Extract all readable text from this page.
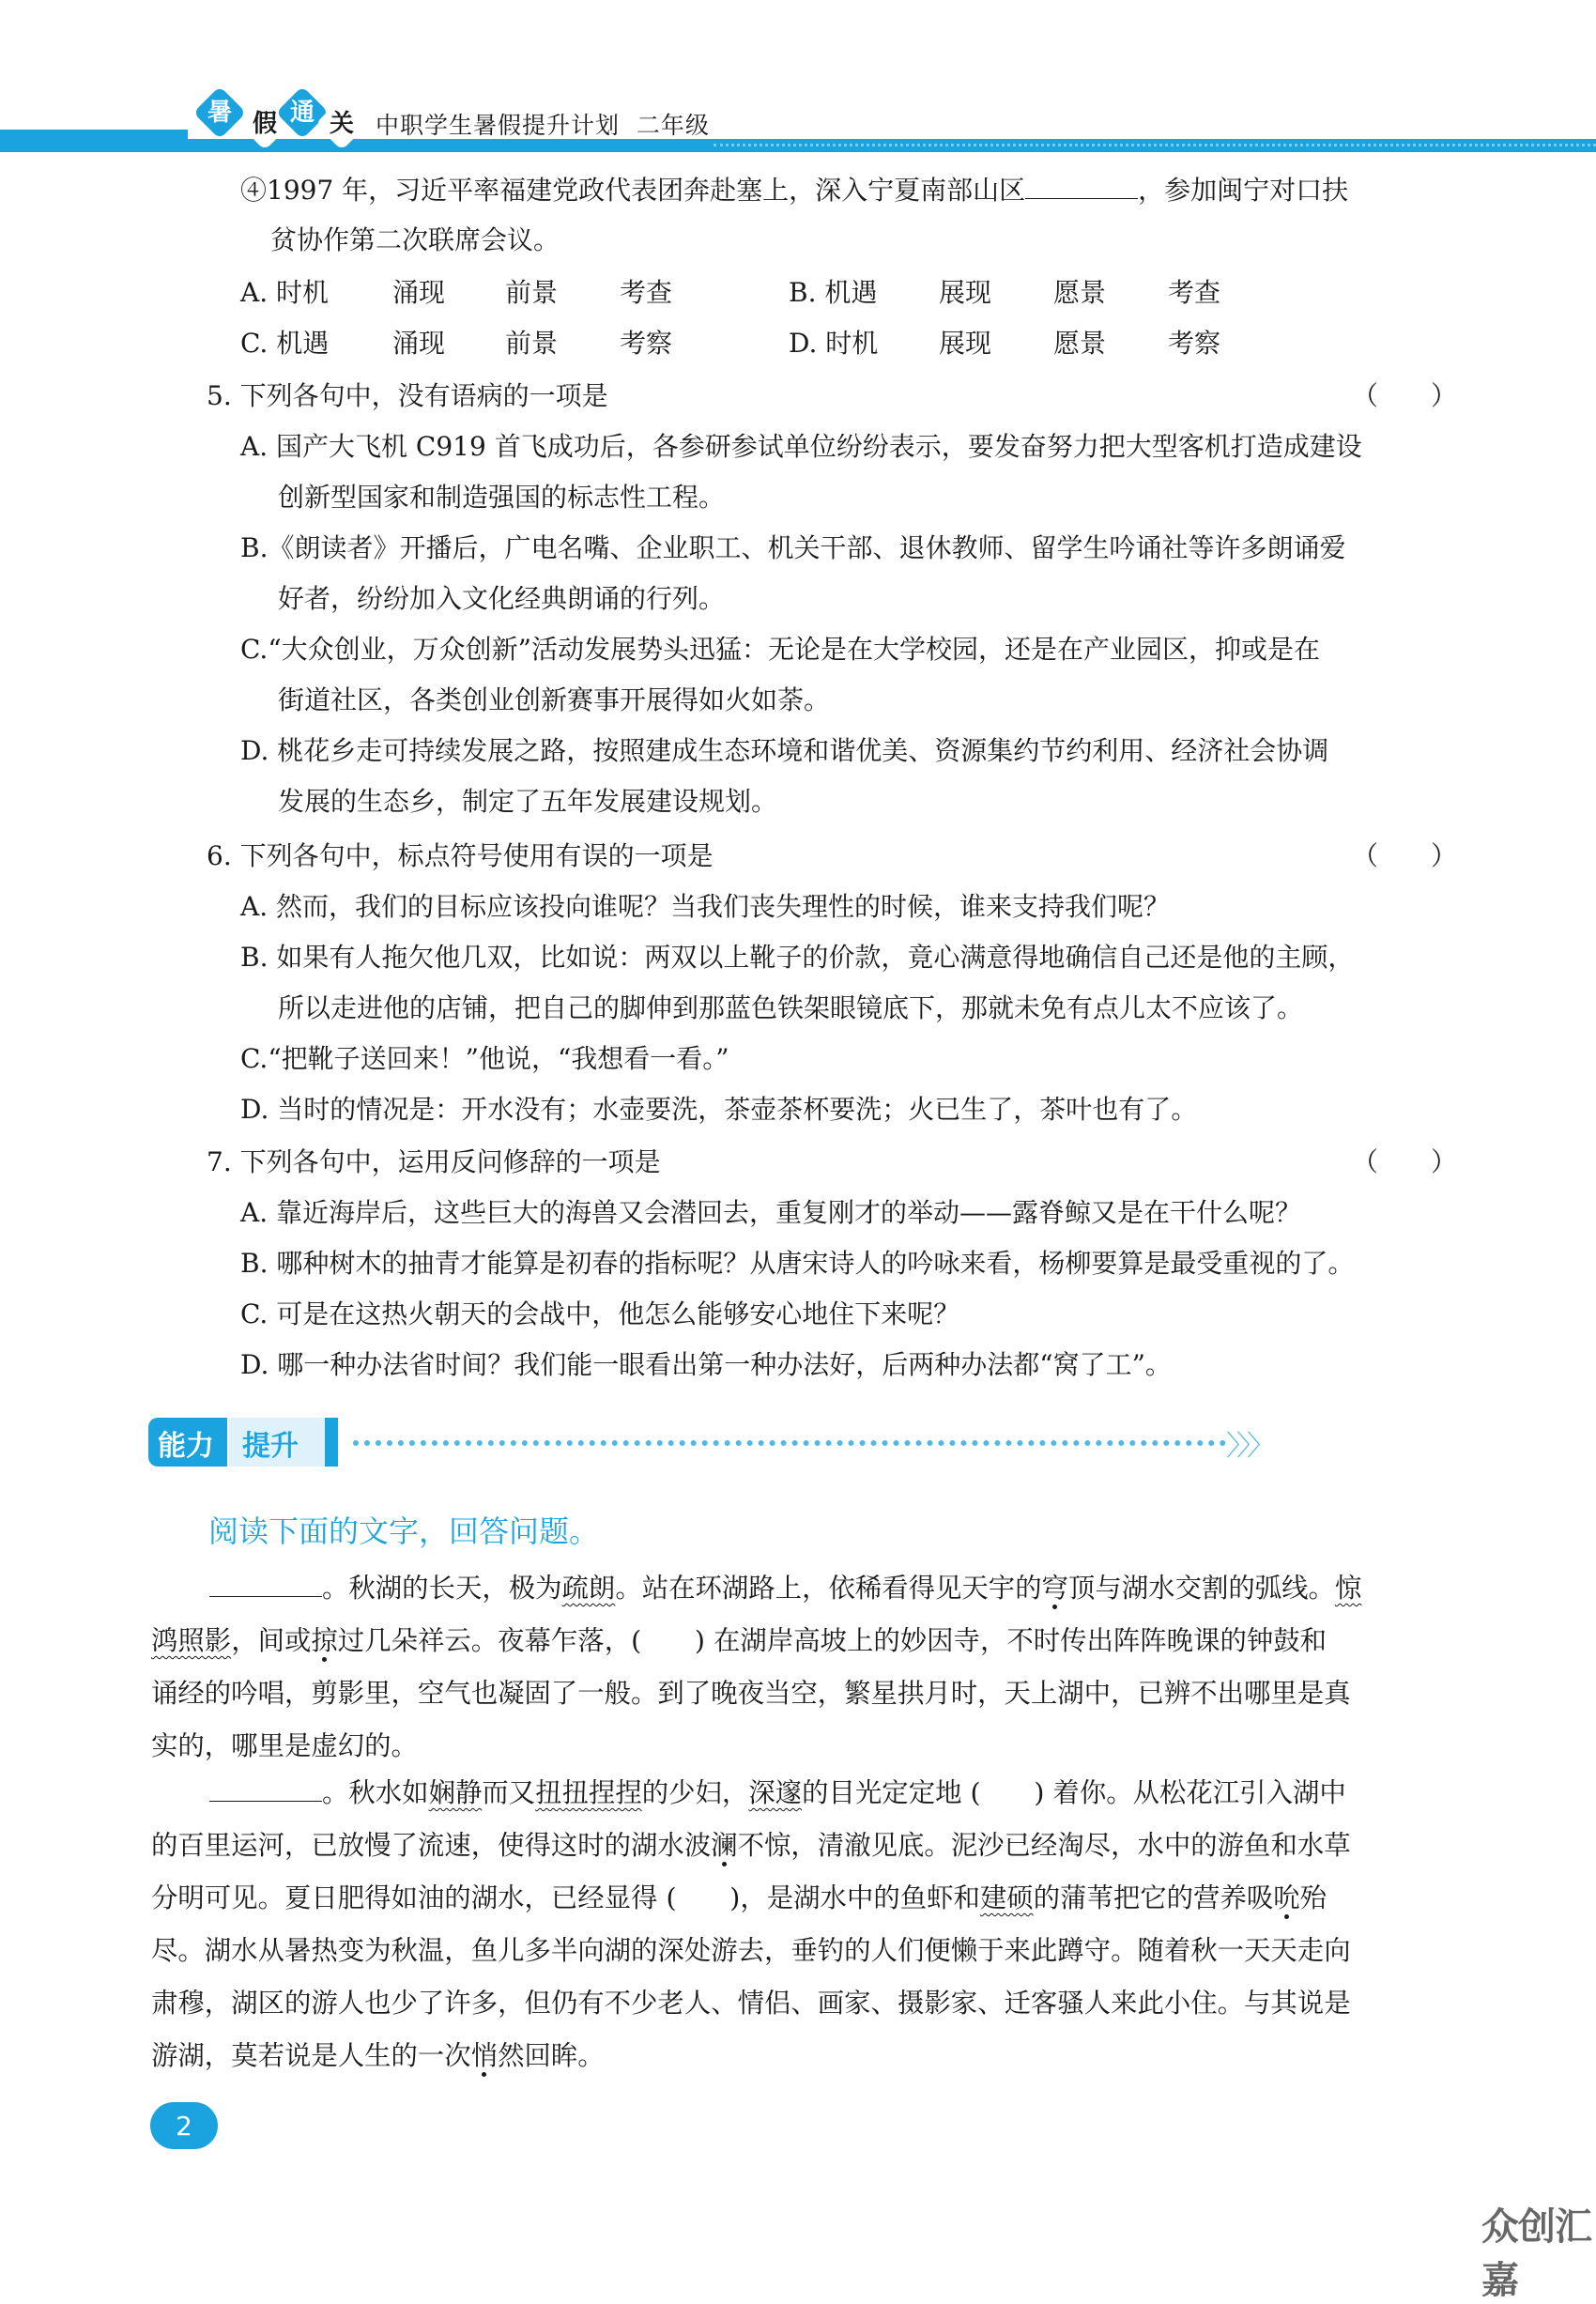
暑 假 通 关 中职学生暑假提升计划 二年级
④1997 年，习近平率福建党政代表团奔赴塞上，深入宁夏南部山区	，参加闽宁对口扶
贫协作第二次联席会议。
A. 时机 涌现 前景 考查	B. 机遇 展现 愿景 考查
C. 机遇 涌现 前景 考察	D. 时机 展现 愿景 考察
5. 下列各句中，没有语病的一项是	（　　）
A. 国产大飞机 C919 首飞成功后，各参研参试单位纷纷表示，要发奋努力把大型客机打造成建设
创新型国家和制造强国的标志性工程。
B.《朗读者》开播后，广电名嘴、企业职工、机关干部、退休教师、留学生吟诵社等许多朗诵爱
好者，纷纷加入文化经典朗诵的行列。
C.“大众创业，万众创新”活动发展势头迅猛：无论是在大学校园，还是在产业园区，抑或是在
街道社区，各类创业创新赛事开展得如火如荼。
D. 桃花乡走可持续发展之路，按照建成生态环境和谐优美、资源集约节约利用、经济社会协调
发展的生态乡，制定了五年发展建设规划。
6. 下列各句中，标点符号使用有误的一项是	（　　）
A. 然而，我们的目标应该投向谁呢？当我们丧失理性的时候，谁来支持我们呢？
B. 如果有人拖欠他几双，比如说：两双以上靴子的价款，竟心满意得地确信自己还是他的主顾，
所以走进他的店铺，把自己的脚伸到那蓝色铁架眼镜底下，那就未免有点儿太不应该了。
C.“把靴子送回来！”他说，“我想看一看。”
D. 当时的情况是：开水没有；水壶要洗，茶壶茶杯要洗；火已生了，茶叶也有了。
7. 下列各句中，运用反问修辞的一项是	（　　）
A. 靠近海岸后，这些巨大的海兽又会潜回去，重复刚才的举动——露脊鲸又是在干什么呢？
B. 哪种树木的抽青才能算是初春的指标呢？从唐宋诗人的吟咏来看，杨柳要算是最受重视的了。
C. 可是在这热火朝天的会战中，他怎么能够安心地住下来呢？
D. 哪一种办法省时间？我们能一眼看出第一种办法好，后两种办法都“窝了工”。
能力 提升	〉〉〉
阅读下面的文字，回答问题。
。秋湖的长天，极为疏朗。站在环湖路上，依稀看得见天宇的穹顶与湖水交割的弧线。惊
鸿照影，间或掠过几朵祥云。夜幕乍落，(　　) 在湖岸高坡上的妙因寺，不时传出阵阵晚课的钟鼓和
诵经的吟唱，剪影里，空气也凝固了一般。到了晚夜当空，繁星拱月时，天上湖中，已辨不出哪里是真
实的，哪里是虚幻的。
。秋水如娴静而又扭扭捏捏的少妇，深邃的目光定定地 (　　) 着你。从松花江引入湖中
的百里运河，已放慢了流速，使得这时的湖水波澜不惊，清澈见底。泥沙已经淘尽，水中的游鱼和水草
分明可见。夏日肥得如油的湖水，已经显得 (　　)，是湖水中的鱼虾和建硕的蒲苇把它的营养吸吮殆
尽。湖水从暑热变为秋温，鱼儿多半向湖的深处游去，垂钓的人们便懒于来此蹲守。随着秋一天天走向
肃穆，湖区的游人也少了许多，但仍有不少老人、情侣、画家、摄影家、迁客骚人来此小住。与其说是
游湖，莫若说是人生的一次悄然回眸。
2
众创汇嘉
